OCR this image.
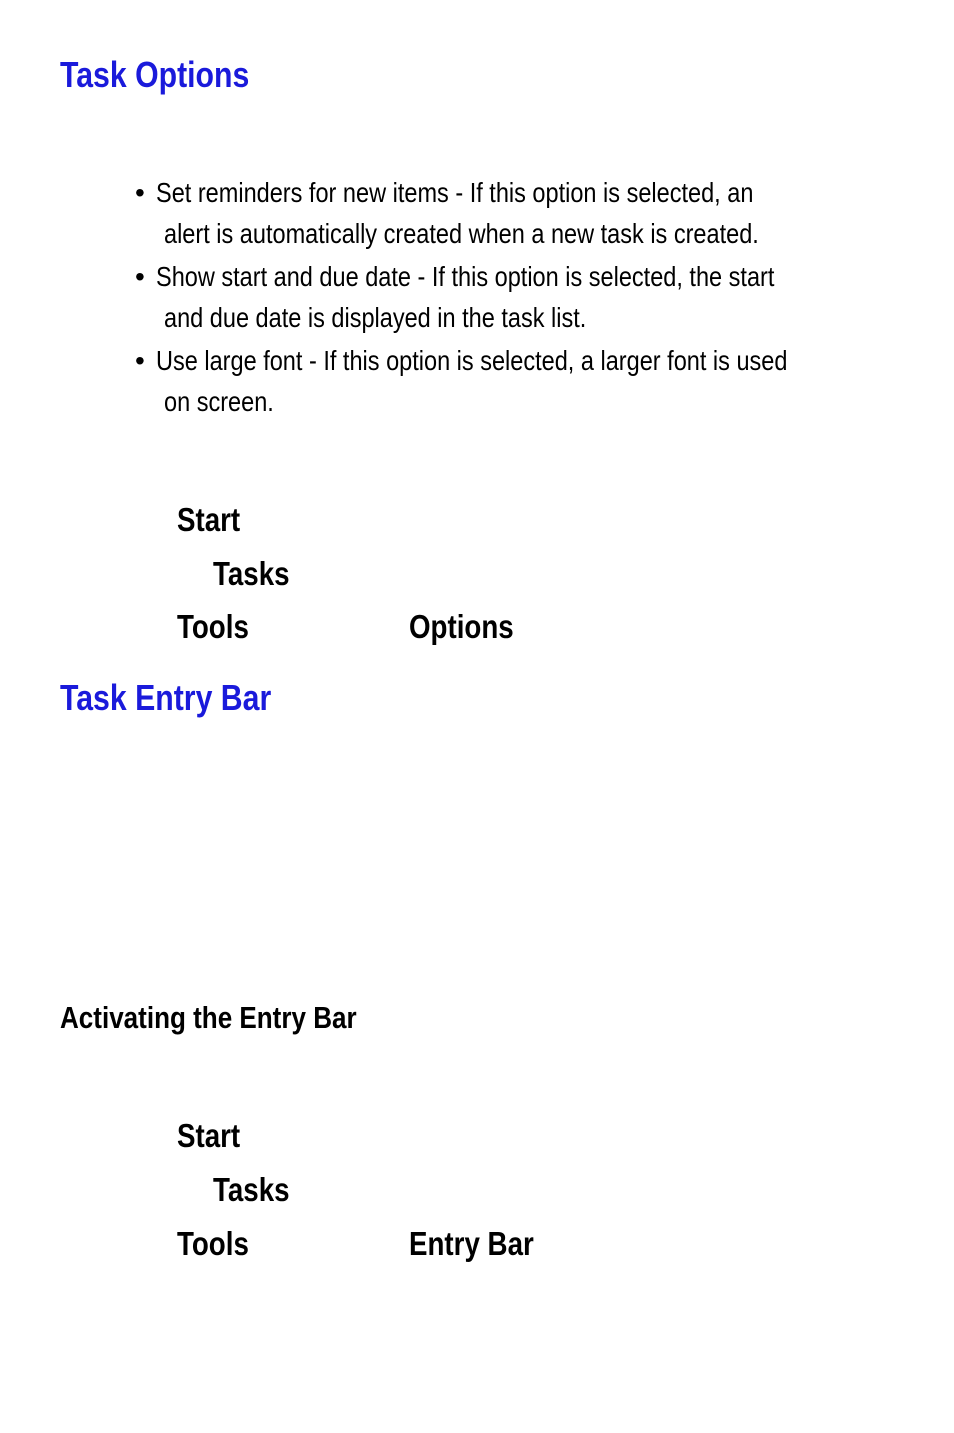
Task Options
• Set reminders for new items - If this option is selected, an
alert is automatically created when a new task is created.
• Show start and due date - If this option is selected, the start
and due date is displayed in the task list.
• Use large font - If this option is selected, a larger font is used
on screen.
Start
Tasks
Tools	Options
Task Entry Bar
Activating the Entry Bar
Start
Tasks
Tools	Entry Bar
